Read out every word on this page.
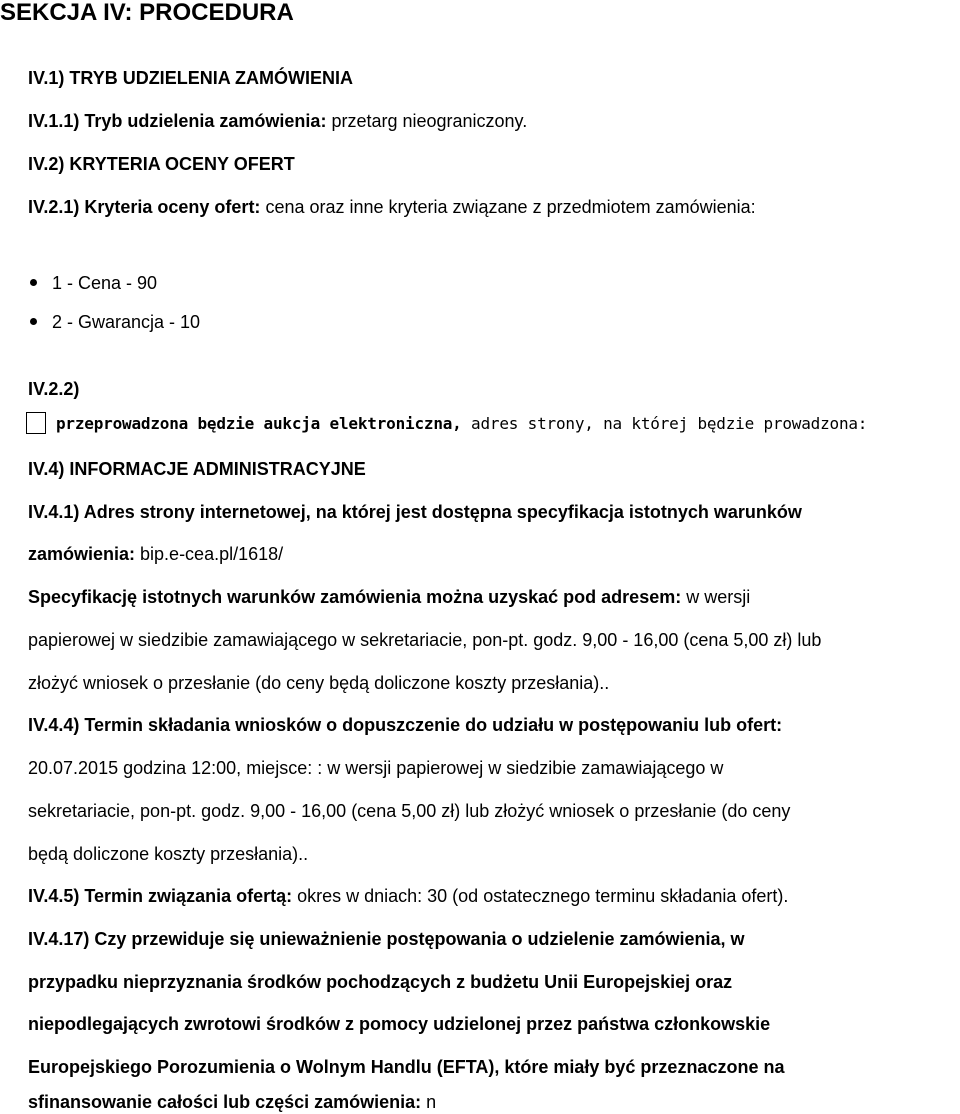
SEKCJA IV: PROCEDURA
IV.1) TRYB UDZIELENIA ZAMÓWIENIA
IV.1.1) Tryb udzielenia zamówienia: przetarg nieograniczony.
IV.2) KRYTERIA OCENY OFERT
IV.2.1) Kryteria oceny ofert: cena oraz inne kryteria związane z przedmiotem zamówienia:
1 - Cena - 90
2 - Gwarancja - 10
IV.2.2)
przeprowadzona będzie aukcja elektroniczna, adres strony, na której będzie prowadzona:
IV.4) INFORMACJE ADMINISTRACYJNE
IV.4.1) Adres strony internetowej, na której jest dostępna specyfikacja istotnych warunków
zamówienia: bip.e-cea.pl/1618/
Specyfikację istotnych warunków zamówienia można uzyskać pod adresem: w wersji
papierowej w siedzibie zamawiającego w sekretariacie, pon-pt. godz. 9,00 - 16,00 (cena 5,00 zł) lub
złożyć wniosek o przesłanie (do ceny będą doliczone koszty przesłania)..
IV.4.4) Termin składania wniosków o dopuszczenie do udziału w postępowaniu lub ofert:
20.07.2015 godzina 12:00, miejsce: : w wersji papierowej w siedzibie zamawiającego w
sekretariacie, pon-pt. godz. 9,00 - 16,00 (cena 5,00 zł) lub złożyć wniosek o przesłanie (do ceny
będą doliczone koszty przesłania)..
IV.4.5) Termin związania ofertą: okres w dniach: 30 (od ostatecznego terminu składania ofert).
IV.4.17) Czy przewiduje się unieważnienie postępowania o udzielenie zamówienia, w
przypadku nieprzyznania środków pochodzących z budżetu Unii Europejskiej oraz
niepodlegających zwrotowi środków z pomocy udzielonej przez państwa członkowskie
Europejskiego Porozumienia o Wolnym Handlu (EFTA), które miały być przeznaczone na
sfinansowanie całości lub części zamówienia: n
